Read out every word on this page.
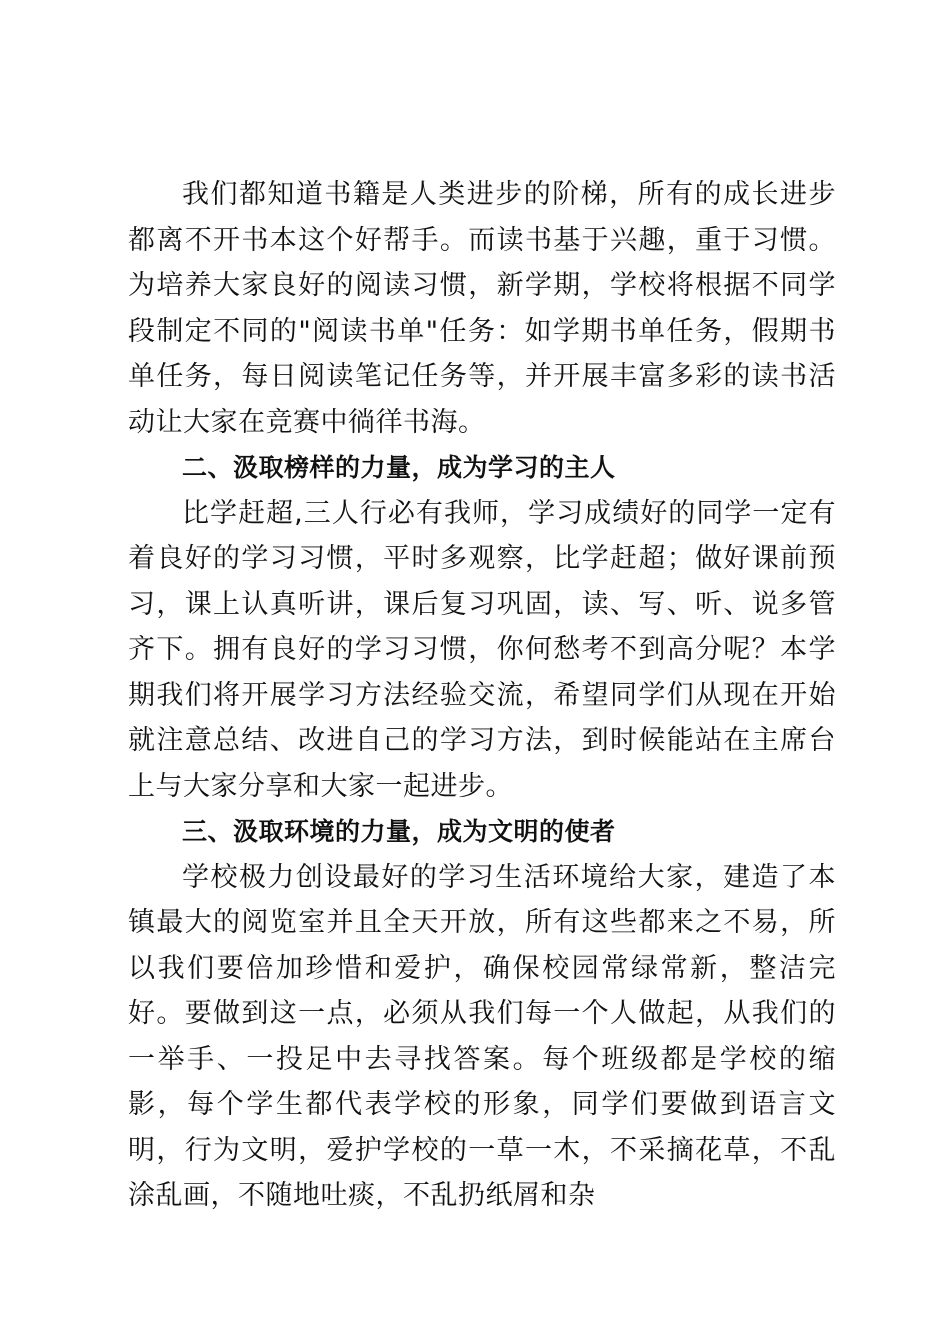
我们都知道书籍是人类进步的阶梯，所有的成长进步都离不开书本这个好帮手。而读书基于兴趣，重于习惯。为培养大家良好的阅读习惯，新学期，学校将根据不同学段制定不同的"阅读书单"任务：如学期书单任务，假期书单任务，每日阅读笔记任务等，并开展丰富多彩的读书活动让大家在竞赛中徜徉书海。

二、汲取榜样的力量，成为学习的主人

比学赶超,三人行必有我师，学习成绩好的同学一定有着良好的学习习惯，平时多观察，比学赶超；做好课前预习，课上认真听讲，课后复习巩固，读、写、听、说多管齐下。拥有良好的学习习惯，你何愁考不到高分呢？本学期我们将开展学习方法经验交流，希望同学们从现在开始就注意总结、改进自己的学习方法，到时候能站在主席台上与大家分享和大家一起进步。

三、汲取环境的力量，成为文明的使者

学校极力创设最好的学习生活环境给大家，建造了本镇最大的阅览室并且全天开放，所有这些都来之不易，所以我们要倍加珍惜和爱护，确保校园常绿常新，整洁完好。要做到这一点，必须从我们每一个人做起，从我们的一举手、一投足中去寻找答案。每个班级都是学校的缩影，每个学生都代表学校的形象，同学们要做到语言文明，行为文明，爱护学校的一草一木，不采摘花草，不乱涂乱画，不随地吐痰，不乱扔纸屑和杂
